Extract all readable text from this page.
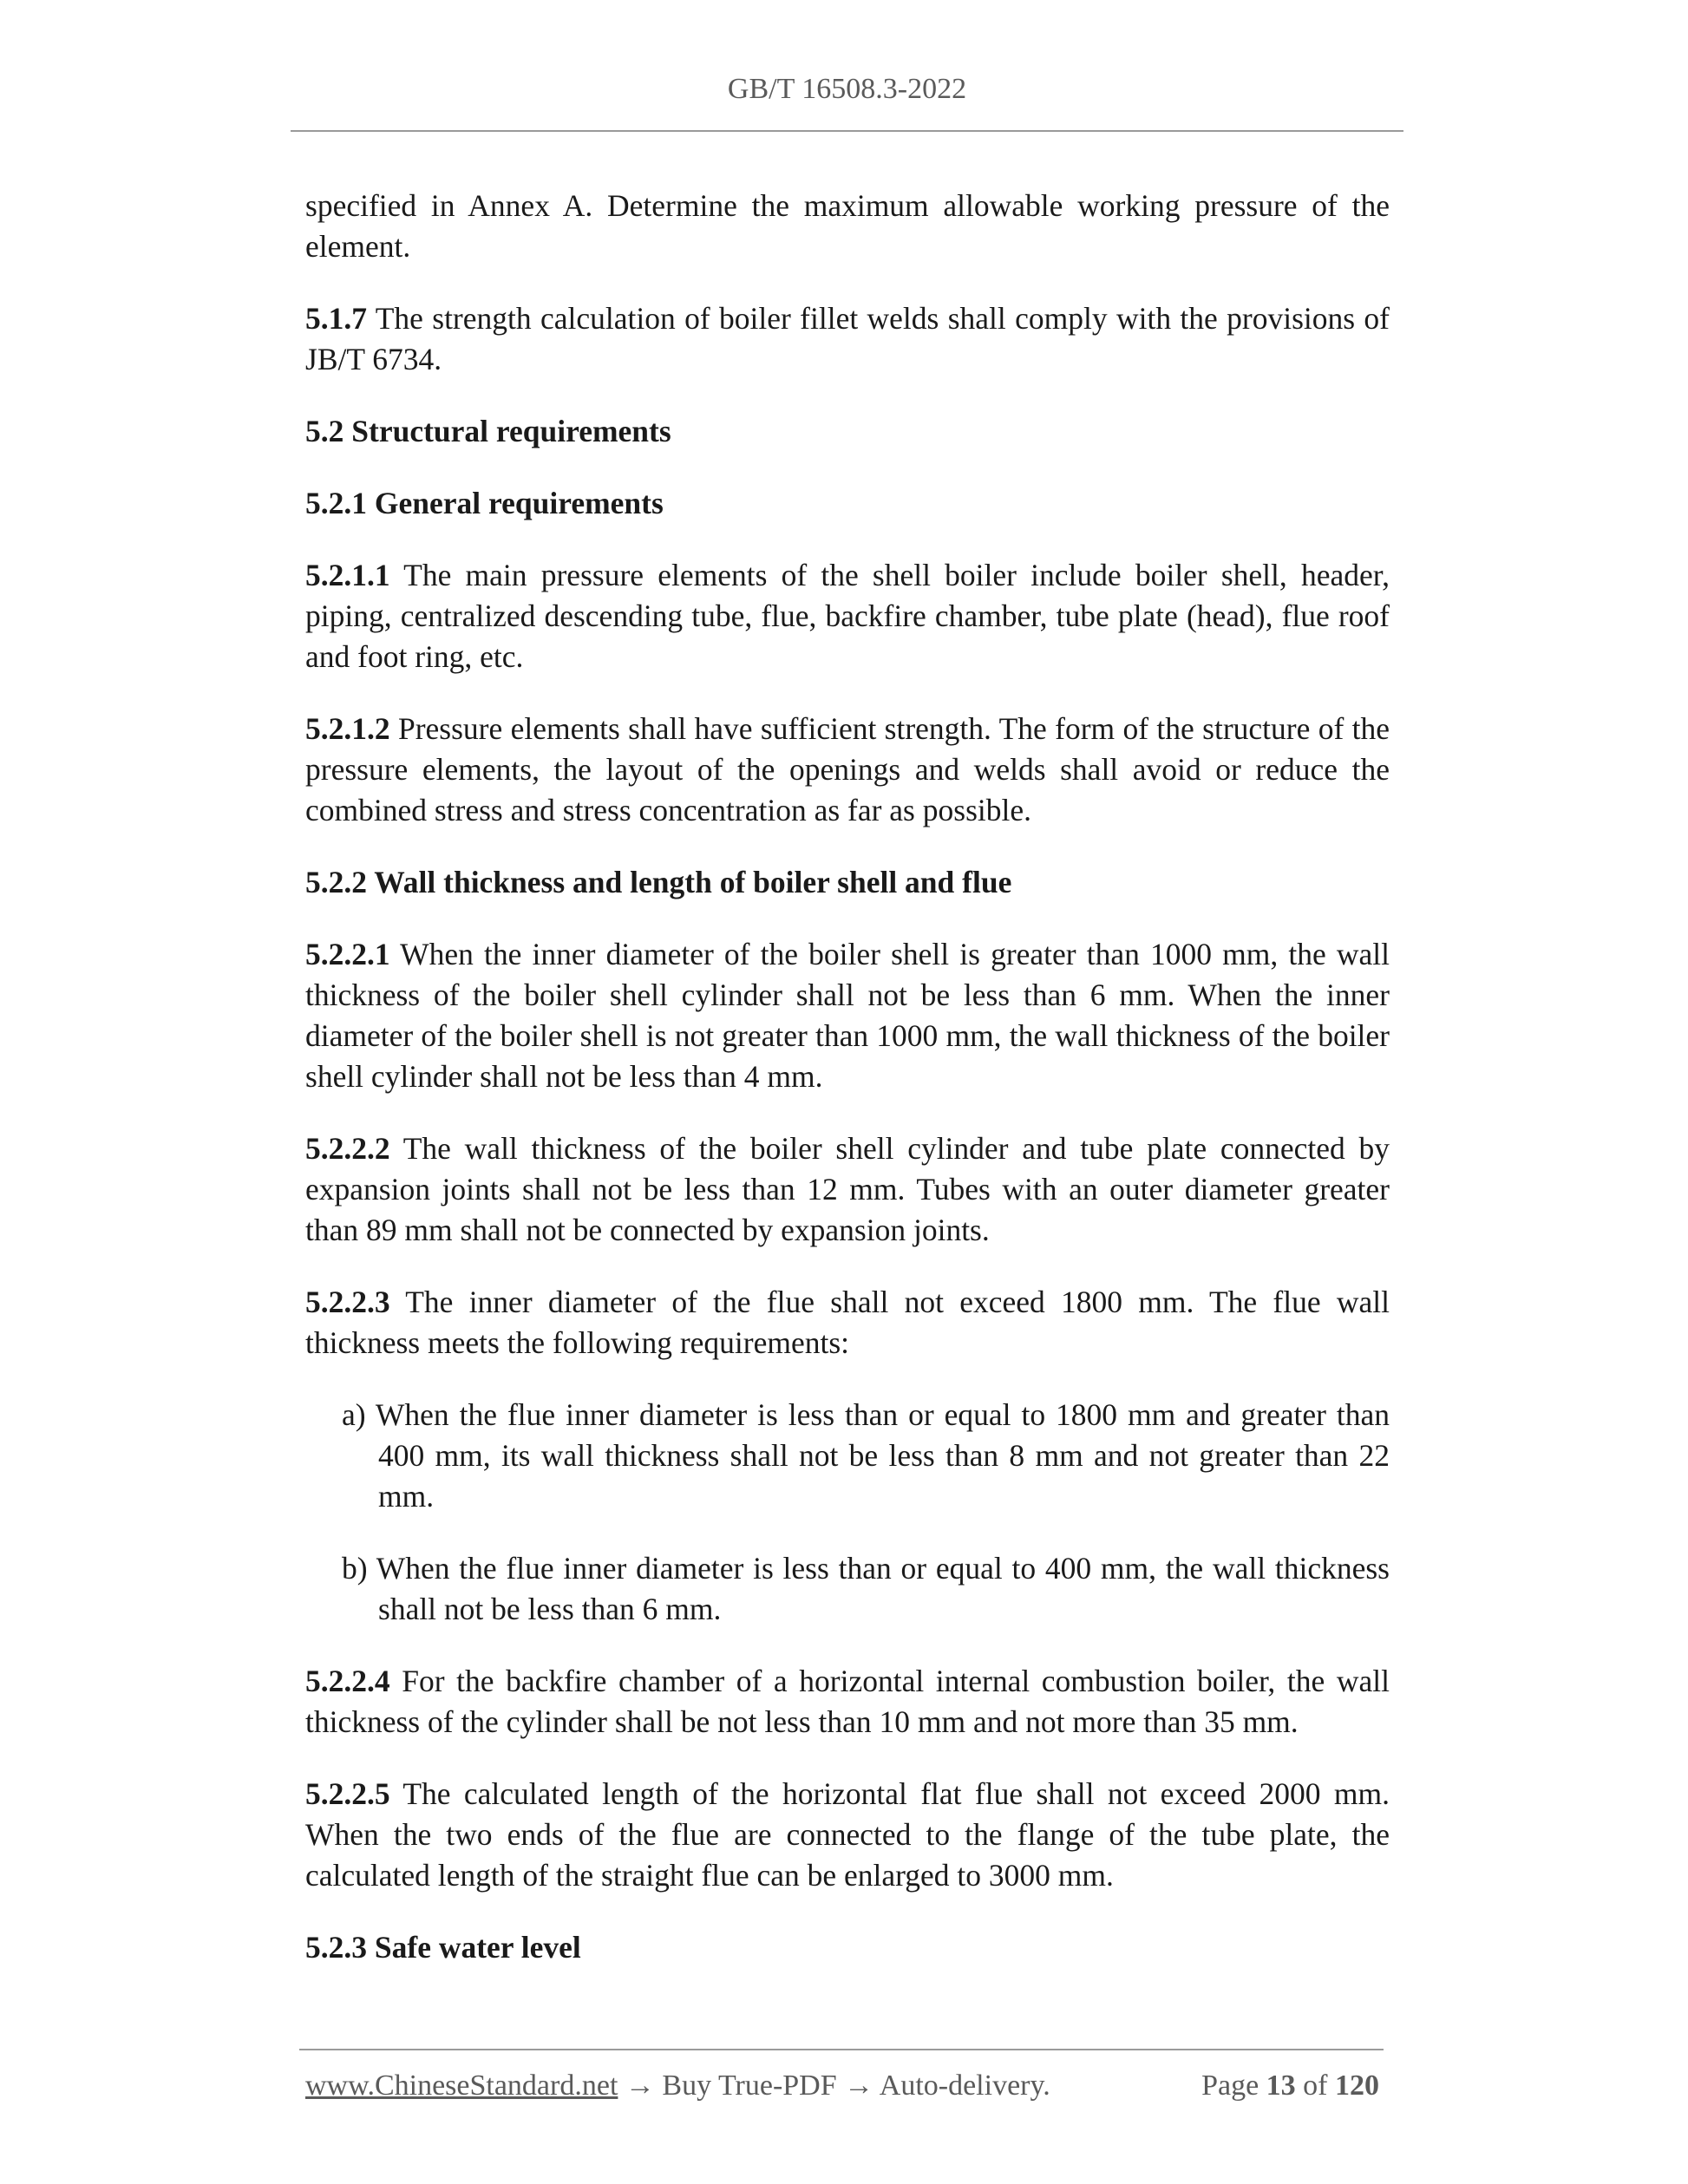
GB/T 16508.3-2022

specified in Annex A. Determine the maximum allowable working pressure of the element.

5.1.7 The strength calculation of boiler fillet welds shall comply with the provisions of JB/T 6734.

5.2 Structural requirements

5.2.1 General requirements

5.2.1.1 The main pressure elements of the shell boiler include boiler shell, header, piping, centralized descending tube, flue, backfire chamber, tube plate (head), flue roof and foot ring, etc.

5.2.1.2 Pressure elements shall have sufficient strength. The form of the structure of the pressure elements, the layout of the openings and welds shall avoid or reduce the combined stress and stress concentration as far as possible.

5.2.2 Wall thickness and length of boiler shell and flue

5.2.2.1 When the inner diameter of the boiler shell is greater than 1000 mm, the wall thickness of the boiler shell cylinder shall not be less than 6 mm. When the inner diameter of the boiler shell is not greater than 1000 mm, the wall thickness of the boiler shell cylinder shall not be less than 4 mm.

5.2.2.2 The wall thickness of the boiler shell cylinder and tube plate connected by expansion joints shall not be less than 12 mm. Tubes with an outer diameter greater than 89 mm shall not be connected by expansion joints.

5.2.2.3 The inner diameter of the flue shall not exceed 1800 mm. The flue wall thickness meets the following requirements:

a) When the flue inner diameter is less than or equal to 1800 mm and greater than 400 mm, its wall thickness shall not be less than 8 mm and not greater than 22 mm.

b) When the flue inner diameter is less than or equal to 400 mm, the wall thickness shall not be less than 6 mm.

5.2.2.4 For the backfire chamber of a horizontal internal combustion boiler, the wall thickness of the cylinder shall be not less than 10 mm and not more than 35 mm.

5.2.2.5 The calculated length of the horizontal flat flue shall not exceed 2000 mm. When the two ends of the flue are connected to the flange of the tube plate, the calculated length of the straight flue can be enlarged to 3000 mm.

5.2.3 Safe water level

www.ChineseStandard.net → Buy True-PDF → Auto-delivery.	Page 13 of 120
